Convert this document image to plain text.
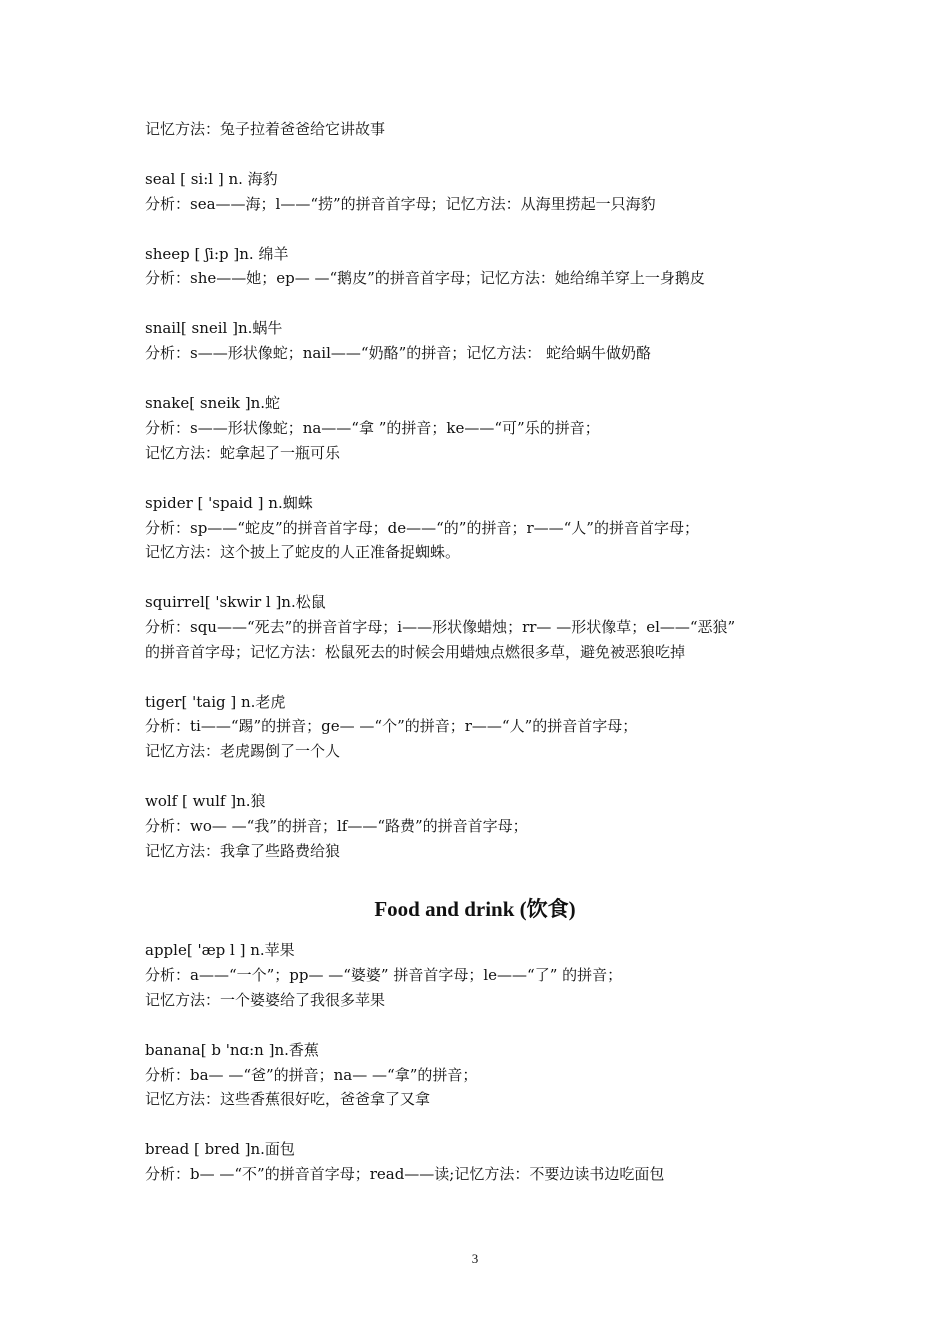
记忆方法：兔子拉着爸爸给它讲故事
seal [ si:l ] n. 海豹
分析：sea——海；l——“捞”的拼音首字母；记忆方法：从海里捞起一只海豹
sheep [ ʃi:p ]n. 绵羊
分析：she——她；ep— —“鹅皮”的拼音首字母；记忆方法：她给绵羊穿上一身鹅皮
snail[ sneil ]n.蜗牛
分析：s——形状像蛇；nail——“奶酪”的拼音；记忆方法： 蛇给蜗牛做奶酪
snake[ sneik ]n.蛇
分析：s——形状像蛇；na——“拿 ”的拼音；ke——“可”乐的拼音；
记忆方法：蛇拿起了一瓶可乐
spider [ 'spaid ] n.蜘蛛
分析：sp——“蛇皮”的拼音首字母；de——“的”的拼音；r——“人”的拼音首字母；
记忆方法：这个披上了蛇皮的人正准备捉蜘蛛。
squirrel[ 'skwir l ]n.松鼠
分析：squ——“死去”的拼音首字母；i——形状像蜡烛；rr— —形状像草；el——“恶狼”
的拼音首字母；记忆方法：松鼠死去的时候会用蜡烛点燃很多草，避免被恶狼吃掉
tiger[ 'taig ] n.老虎
分析：ti——“踢”的拼音；ge— —“个”的拼音；r——“人”的拼音首字母；
记忆方法：老虎踢倒了一个人
wolf [ wulf ]n.狼
分析：wo— —“我”的拼音；lf——“路费”的拼音首字母；
记忆方法：我拿了些路费给狼
Food and drink (饮食)
apple[ 'æp l ] n.苹果
分析：a——“一个”；pp— —“婆婆” 拼音首字母；le——“了” 的拼音；
记忆方法：一个婆婆给了我很多苹果
banana[ b 'nɑ:n ]n.香蕉
分析：ba— —“爸”的拼音；na— —“拿”的拼音；
记忆方法：这些香蕉很好吃，爸爸拿了又拿
bread [ bred ]n.面包
分析：b— —“不”的拼音首字母；read——读;记忆方法：不要边读书边吃面包
3
